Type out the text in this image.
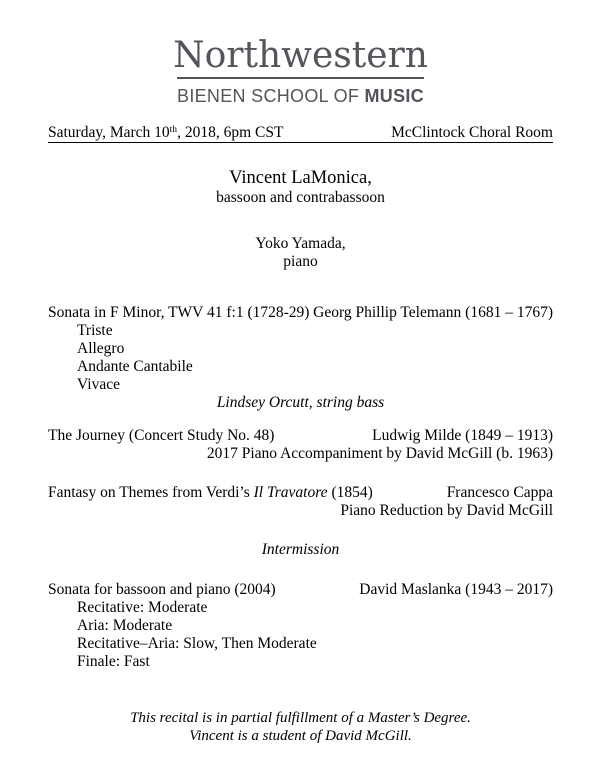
Northwestern
BIENEN SCHOOL OF MUSIC
Saturday, March 10th, 2018, 6pm CST	McClintock Choral Room
Vincent LaMonica,
bassoon and contrabassoon
Yoko Yamada,
piano
Sonata in F Minor, TWV 41 f:1 (1728-29) Georg Phillip Telemann (1681 – 1767)
Triste
Allegro
Andante Cantabile
Vivace
Lindsey Orcutt, string bass
The Journey (Concert Study No. 48)	Ludwig Milde (1849 – 1913)
2017 Piano Accompaniment by David McGill (b. 1963)
Fantasy on Themes from Verdi’s Il Travatore (1854)	Francesco Cappa
Piano Reduction by David McGill
Intermission
Sonata for bassoon and piano (2004)	David Maslanka (1943 – 2017)
Recitative: Moderate
Aria: Moderate
Recitative–Aria: Slow, Then Moderate
Finale: Fast
This recital is in partial fulfillment of a Master’s Degree.
Vincent is a student of David McGill.
